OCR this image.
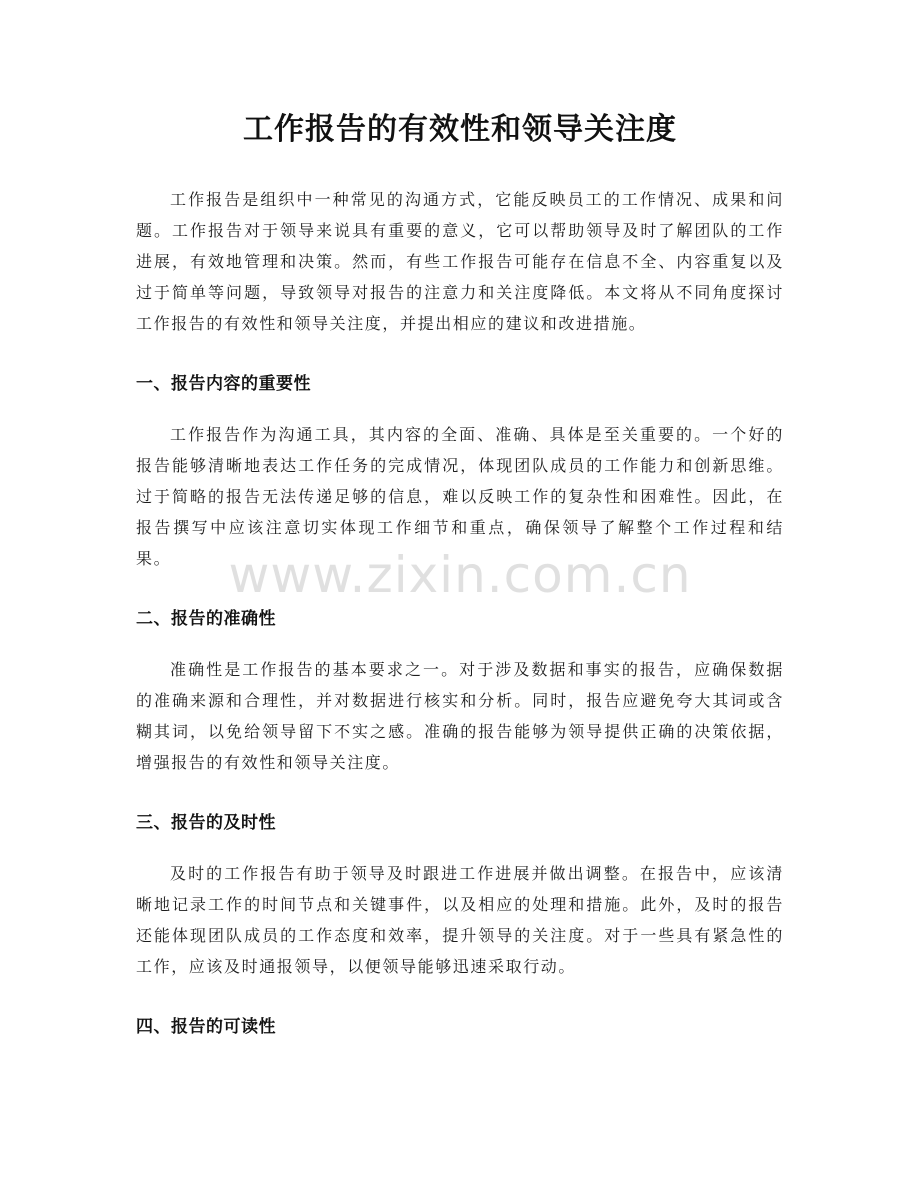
工作报告的有效性和领导关注度

工作报告是组织中一种常见的沟通方式，它能反映员工的工作情况、成果和问题。工作报告对于领导来说具有重要的意义，它可以帮助领导及时了解团队的工作进展，有效地管理和决策。然而，有些工作报告可能存在信息不全、内容重复以及过于简单等问题，导致领导对报告的注意力和关注度降低。本文将从不同角度探讨工作报告的有效性和领导关注度，并提出相应的建议和改进措施。

一、报告内容的重要性

工作报告作为沟通工具，其内容的全面、准确、具体是至关重要的。一个好的报告能够清晰地表达工作任务的完成情况，体现团队成员的工作能力和创新思维。过于简略的报告无法传递足够的信息，难以反映工作的复杂性和困难性。因此，在报告撰写中应该注意切实体现工作细节和重点，确保领导了解整个工作过程和结果。

二、报告的准确性

准确性是工作报告的基本要求之一。对于涉及数据和事实的报告，应确保数据的准确来源和合理性，并对数据进行核实和分析。同时，报告应避免夸大其词或含糊其词，以免给领导留下不实之感。准确的报告能够为领导提供正确的决策依据，增强报告的有效性和领导关注度。

三、报告的及时性

及时的工作报告有助于领导及时跟进工作进展并做出调整。在报告中，应该清晰地记录工作的时间节点和关键事件，以及相应的处理和措施。此外，及时的报告还能体现团队成员的工作态度和效率，提升领导的关注度。对于一些具有紧急性的工作，应该及时通报领导，以便领导能够迅速采取行动。

四、报告的可读性
www.zixin.com.cn
